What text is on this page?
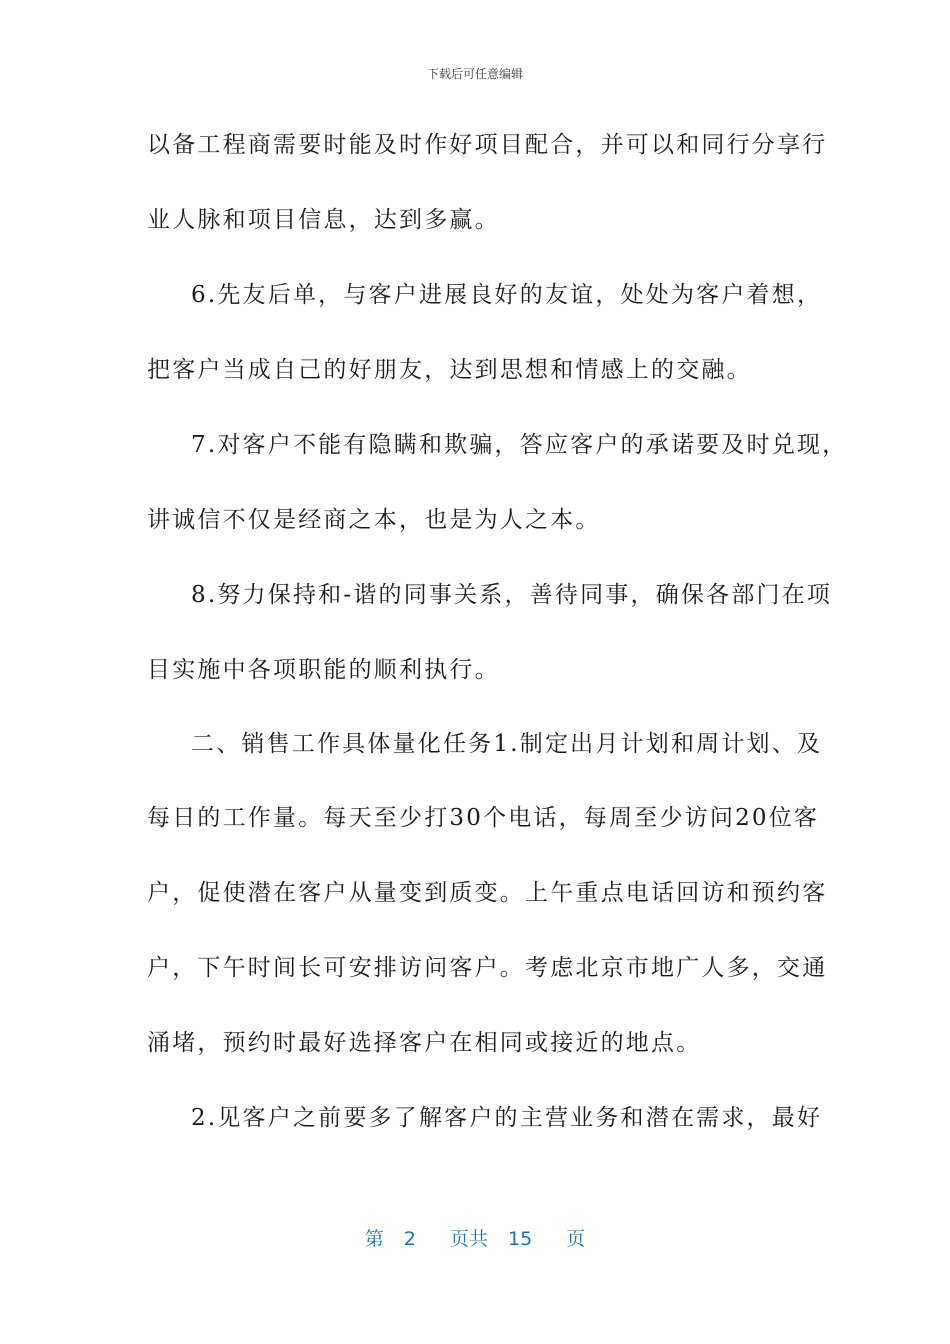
下载后可任意编辑
以备工程商需要时能及时作好项目配合，并可以和同行分享行
业人脉和项目信息，达到多赢。
6.先友后单，与客户进展良好的友谊，处处为客户着想，
把客户当成自己的好朋友，达到思想和情感上的交融。
7.对客户不能有隐瞒和欺骗，答应客户的承诺要及时兑现，
讲诚信不仅是经商之本，也是为人之本。
8.努力保持和-谐的同事关系，善待同事，确保各部门在项
目实施中各项职能的顺利执行。
二、销售工作具体量化任务1.制定出月计划和周计划、及
每日的工作量。每天至少打30个电话，每周至少访问20位客
户，促使潜在客户从量变到质变。上午重点电话回访和预约客
户，下午时间长可安排访问客户。考虑北京市地广人多，交通
涌堵，预约时最好选择客户在相同或接近的地点。
2.见客户之前要多了解客户的主营业务和潜在需求，最好
第 2 页共 15 页
